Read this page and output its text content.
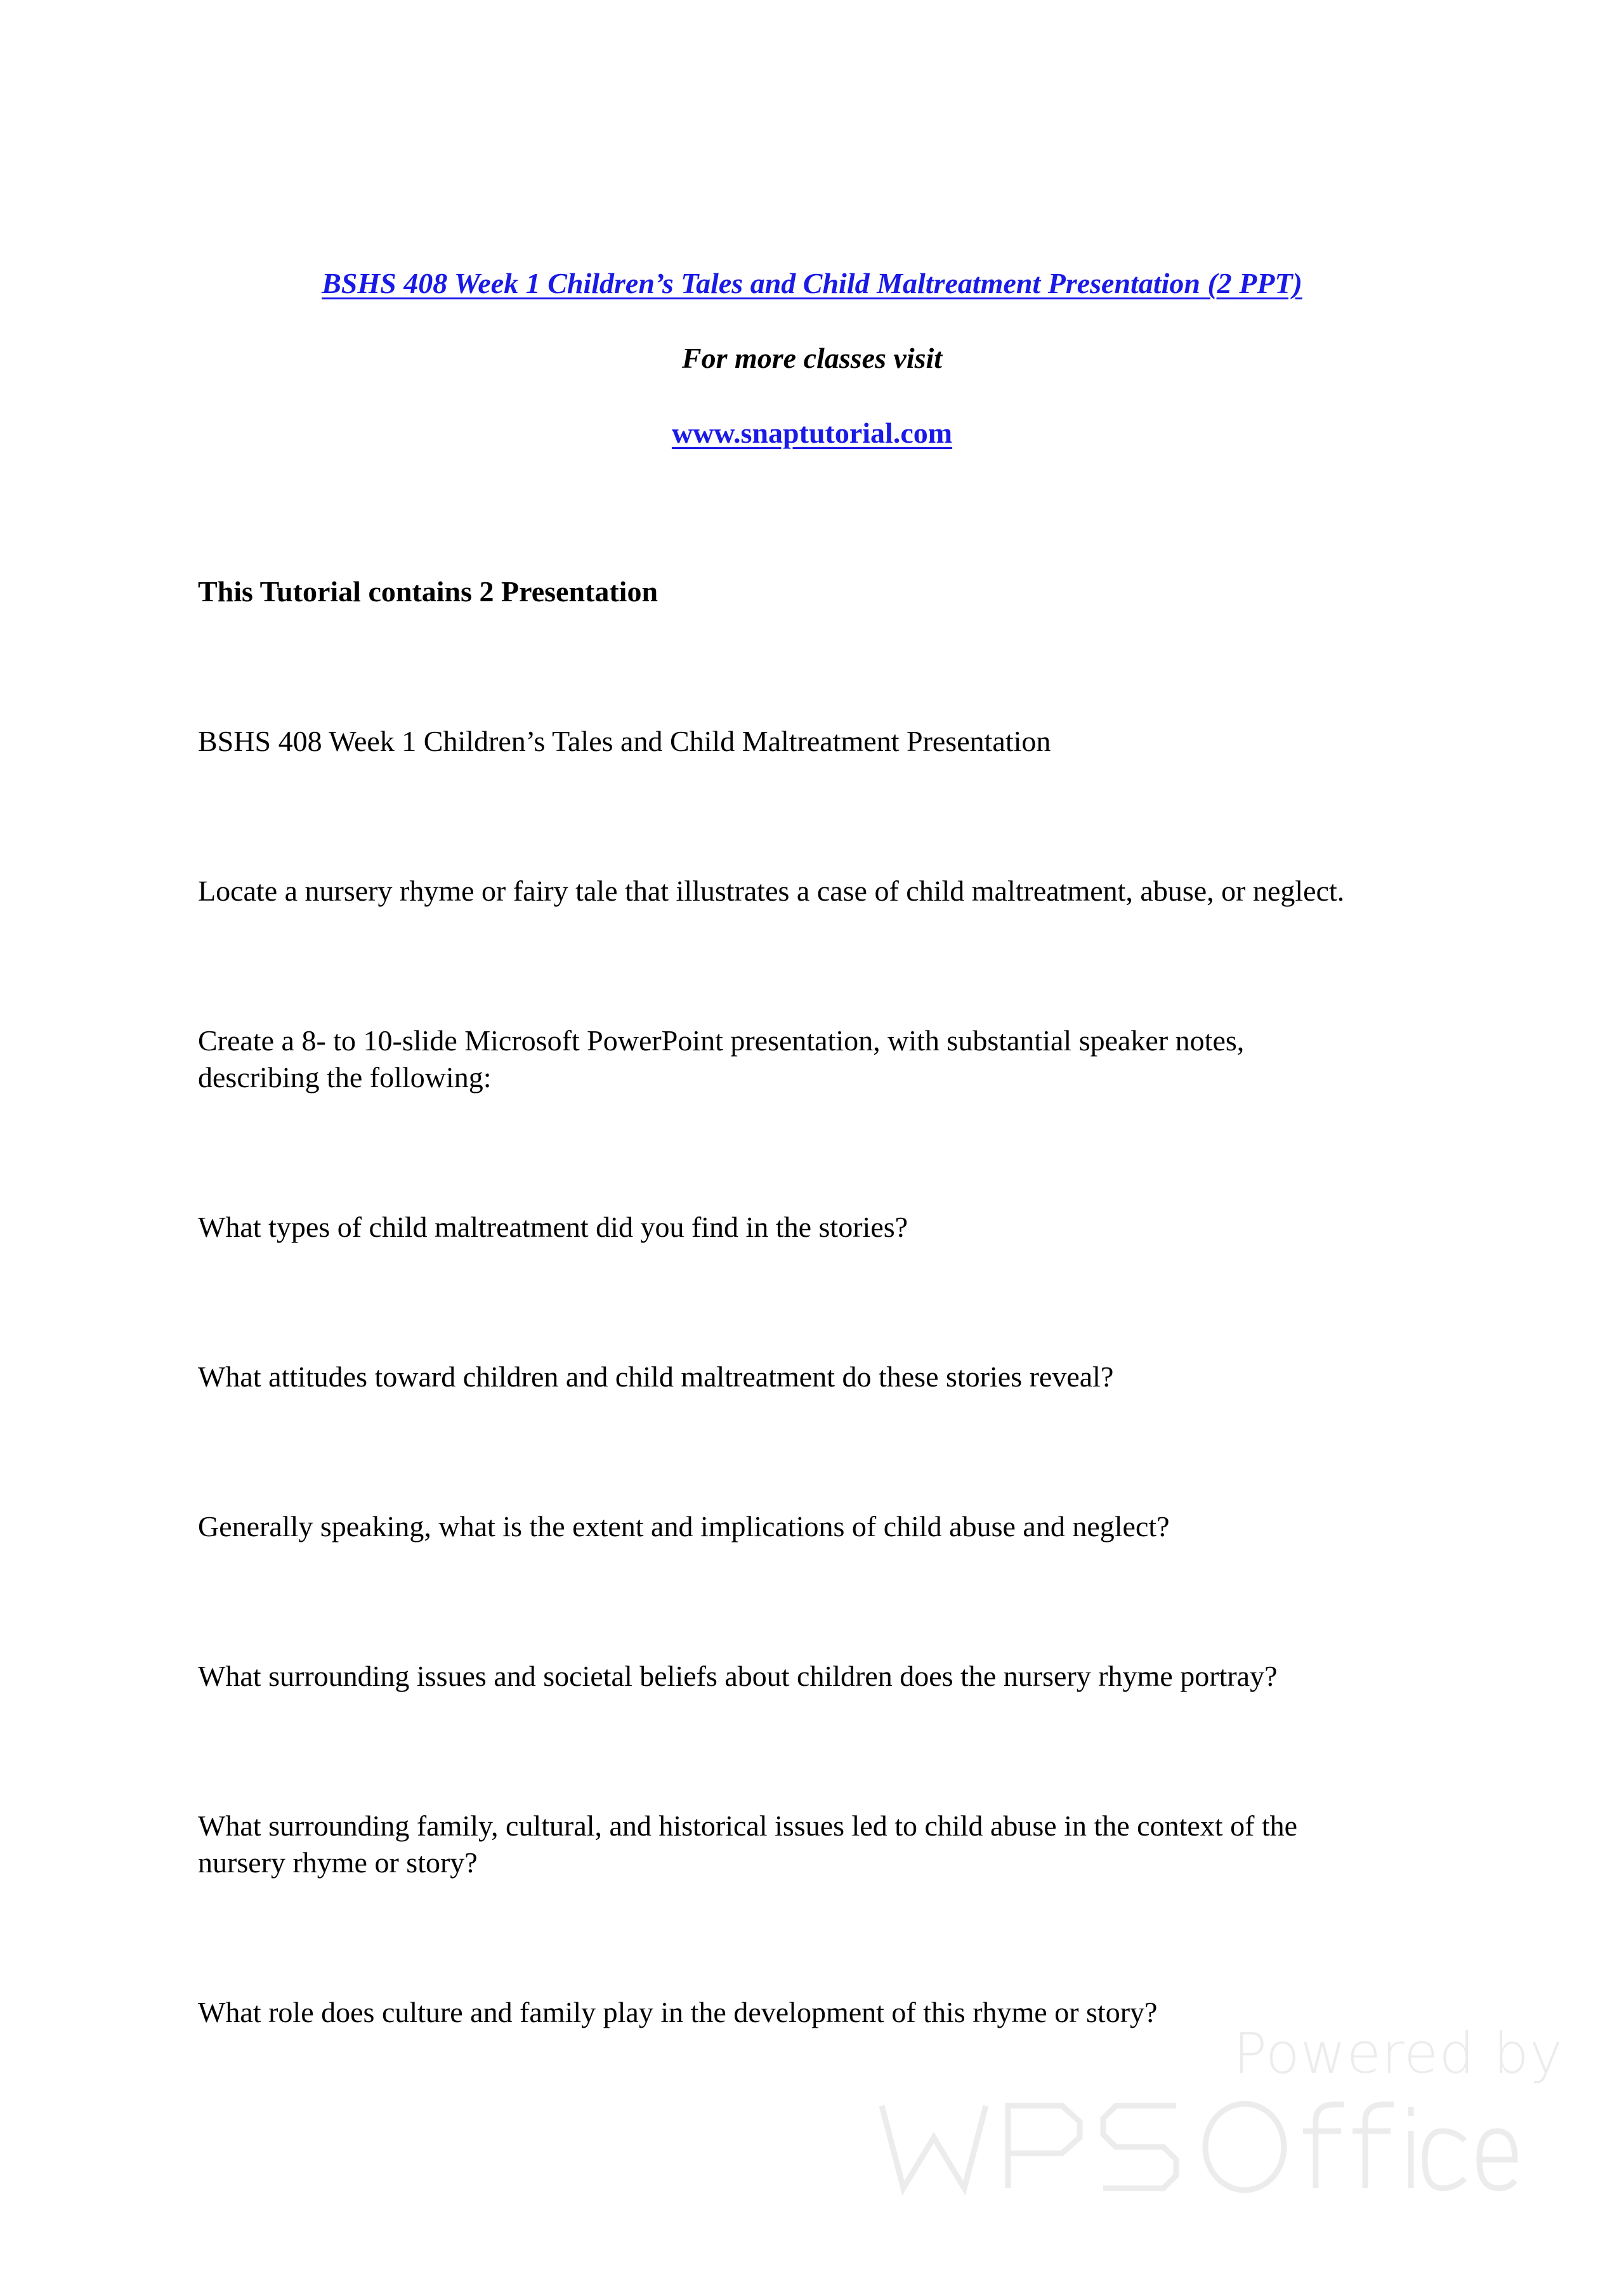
BSHS 408 Week 1 Children’s Tales and Child Maltreatment Presentation (2 PPT)
For more classes visit
www.snaptutorial.com
This Tutorial contains 2 Presentation
BSHS 408 Week 1 Children’s Tales and Child Maltreatment Presentation
Locate a nursery rhyme or fairy tale that illustrates a case of child maltreatment, abuse, or neglect.
Create a 8- to 10-slide Microsoft PowerPoint presentation, with substantial speaker notes,
describing the following:
What types of child maltreatment did you find in the stories?
What attitudes toward children and child maltreatment do these stories reveal?
Generally speaking, what is the extent and implications of child abuse and neglect?
What surrounding issues and societal beliefs about children does the nursery rhyme portray?
What surrounding family, cultural, and historical issues led to child abuse in the context of the
nursery rhyme or story?
What role does culture and family play in the development of this rhyme or story?
Powered by
